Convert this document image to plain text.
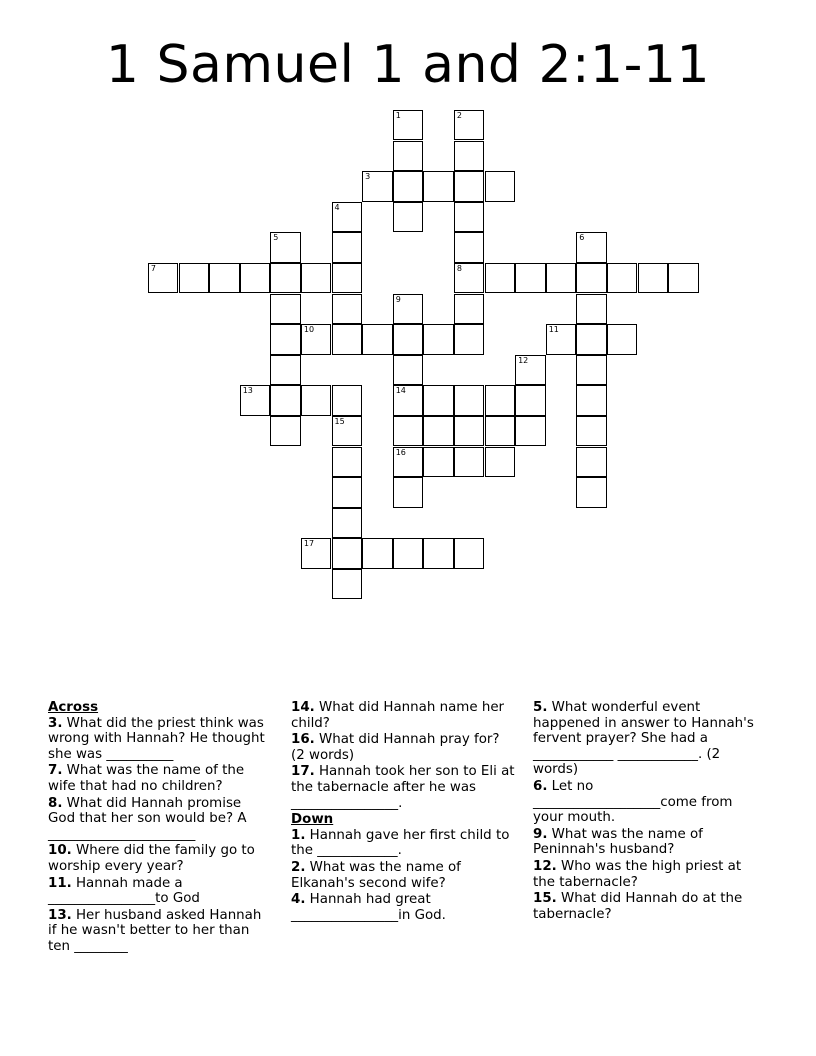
1 Samuel 1 and 2:1-11
1	2
3
4
5	6
7	8
9
10	11
12
13	14
15
16
17
Across
3. What did the priest think was wrong with Hannah? He thought she was __________
7. What was the name of the wife that had no children?
8. What did Hannah promise God that her son would be? A ______________________
10. Where did the family go to worship every year?
11. Hannah made a ________________to God
13. Her husband asked Hannah if he wasn't better to her than ten ________
14. What did Hannah name her child?
16. What did Hannah pray for? (2 words)
17. Hannah took her son to Eli at the tabernacle after he was ________________.
Down
1. Hannah gave her first child to the ____________.
2. What was the name of Elkanah's second wife?
4. Hannah had great ________________in God.
5. What wonderful event happened in answer to Hannah's fervent prayer? She had a ____________ ____________. (2 words)
6. Let no ___________________come from your mouth.
9. What was the name of Peninnah's husband?
12. Who was the high priest at the tabernacle?
15. What did Hannah do at the tabernacle?
